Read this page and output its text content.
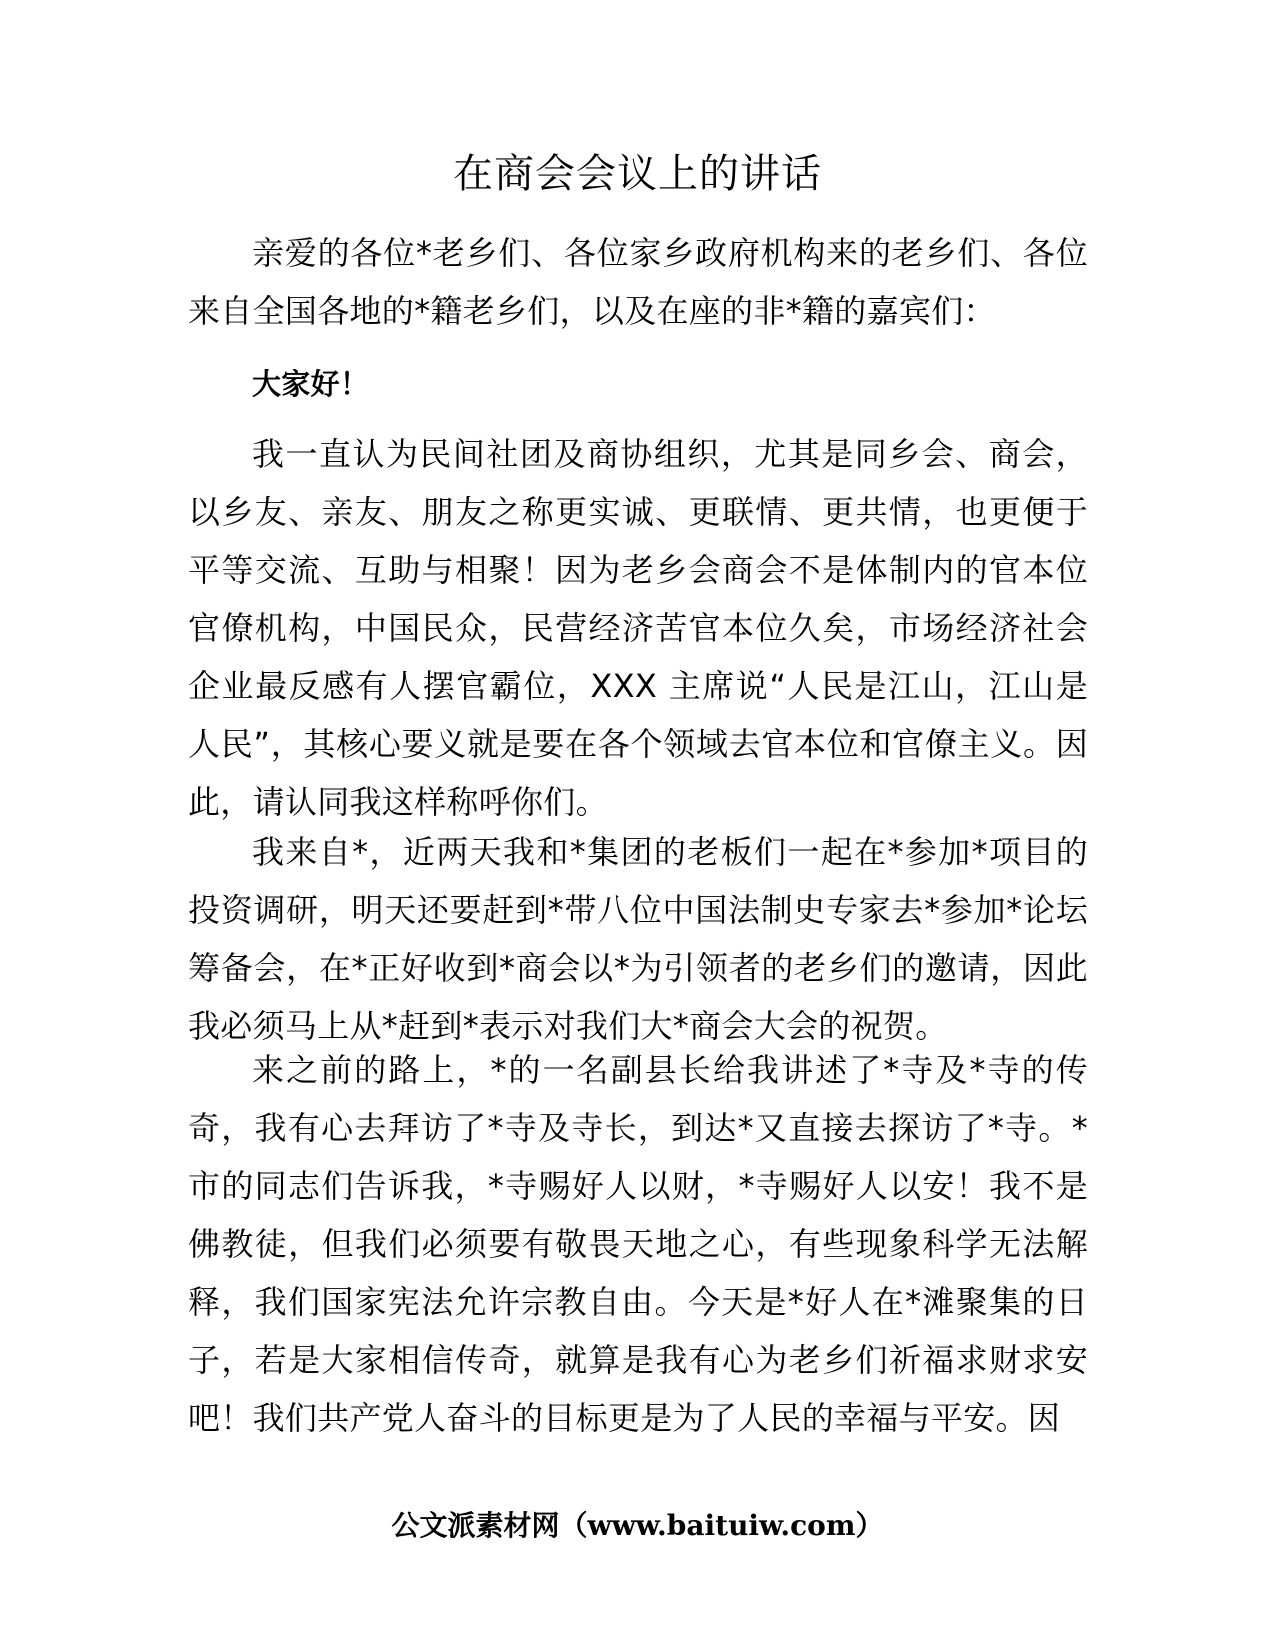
在商会会议上的讲话

亲爱的各位*老乡们、各位家乡政府机构来的老乡们、各位来自全国各地的*籍老乡们，以及在座的非*籍的嘉宾们：

大家好！

我一直认为民间社团及商协组织，尤其是同乡会、商会，以乡友、亲友、朋友之称更实诚、更联情、更共情，也更便于平等交流、互助与相聚！因为老乡会商会不是体制内的官本位官僚机构，中国民众，民营经济苦官本位久矣，市场经济社会企业最反感有人摆官霸位，XXX 主席说“人民是江山，江山是人民”，其核心要义就是要在各个领域去官本位和官僚主义。因此，请认同我这样称呼你们。

我来自*，近两天我和*集团的老板们一起在*参加*项目的投资调研，明天还要赶到*带八位中国法制史专家去*参加*论坛筹备会，在*正好收到*商会以*为引领者的老乡们的邀请，因此我必须马上从*赶到*表示对我们大*商会大会的祝贺。

来之前的路上，*的一名副县长给我讲述了*寺及*寺的传奇，我有心去拜访了*寺及寺长，到达*又直接去探访了*寺。*市的同志们告诉我，*寺赐好人以财，*寺赐好人以安！我不是佛教徒，但我们必须要有敬畏天地之心，有些现象科学无法解释，我们国家宪法允许宗教自由。今天是*好人在*滩聚集的日子，若是大家相信传奇，就算是我有心为老乡们祈福求财求安吧！我们共产党人奋斗的目标更是为了人民的幸福与平安。因

公文派素材网（www.baituiw.com）
